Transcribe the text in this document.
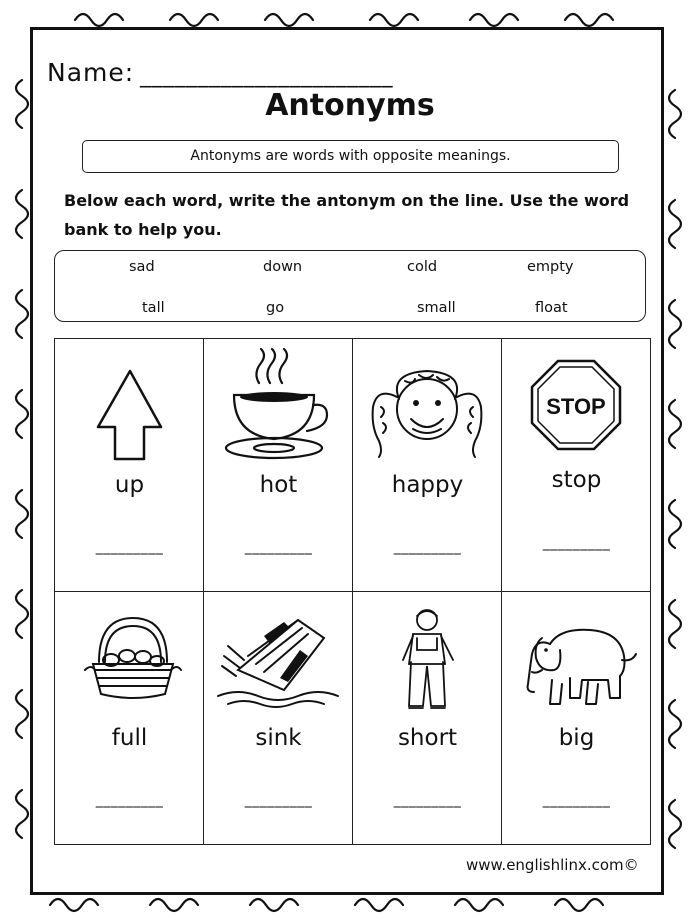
Name: ______________________
Antonyms
Antonyms are words with opposite meanings.
Below each word, write the antonym on the line. Use the word bank to help you.
sad	down	cold	empty
tall	go	small	float
up
_________
hot
_________
happy
_________
STOP
stop
_________
full
_________
sink
_________
short
_________
big
_________
www.englishlinx.com©
